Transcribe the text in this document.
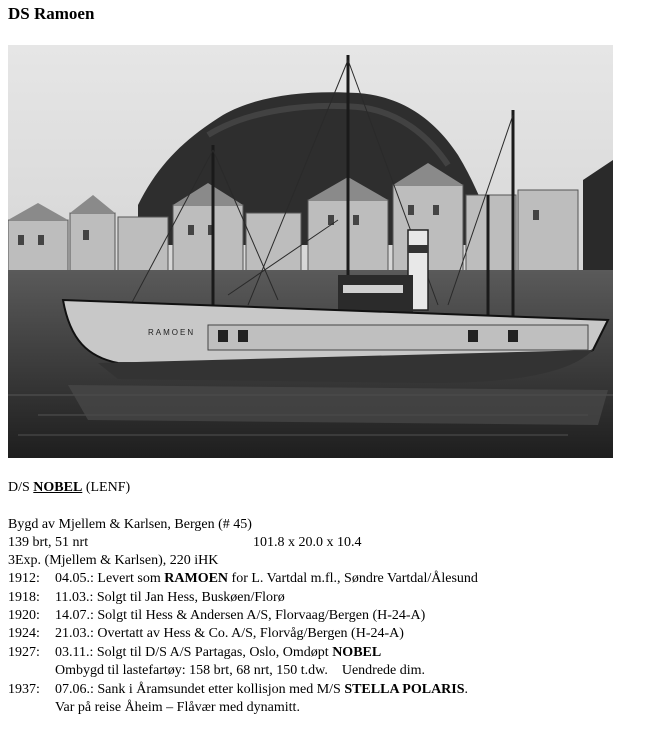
DS Ramoen
RAMOEN
D/S NOBEL (LENF)
Bygd av Mjellem & Karlsen, Bergen (# 45)
139 brt, 51 nrt	101.8 x 20.0 x 10.4
3Exp. (Mjellem & Karlsen), 220 iHK
1912: 04.05.: Levert som RAMOEN for L. Vartdal m.fl., Søndre Vartdal/Ålesund
1918: 11.03.: Solgt til Jan Hess, Buskøen/Florø
1920: 14.07.: Solgt til Hess & Andersen A/S, Florvaag/Bergen (H-24-A)
1924: 21.03.: Overtatt av Hess & Co. A/S, Florvåg/Bergen (H-24-A)
1927: 03.11.: Solgt til D/S A/S Partagas, Oslo, Omdøpt NOBEL
Ombygd til lastefartøy: 158 brt, 68 nrt, 150 t.dw.    Uendrede dim.
1937: 07.06.: Sank i Åramsundet etter kollisjon med M/S STELLA POLARIS.
Var på reise Åheim – Flåvær med dynamitt.
